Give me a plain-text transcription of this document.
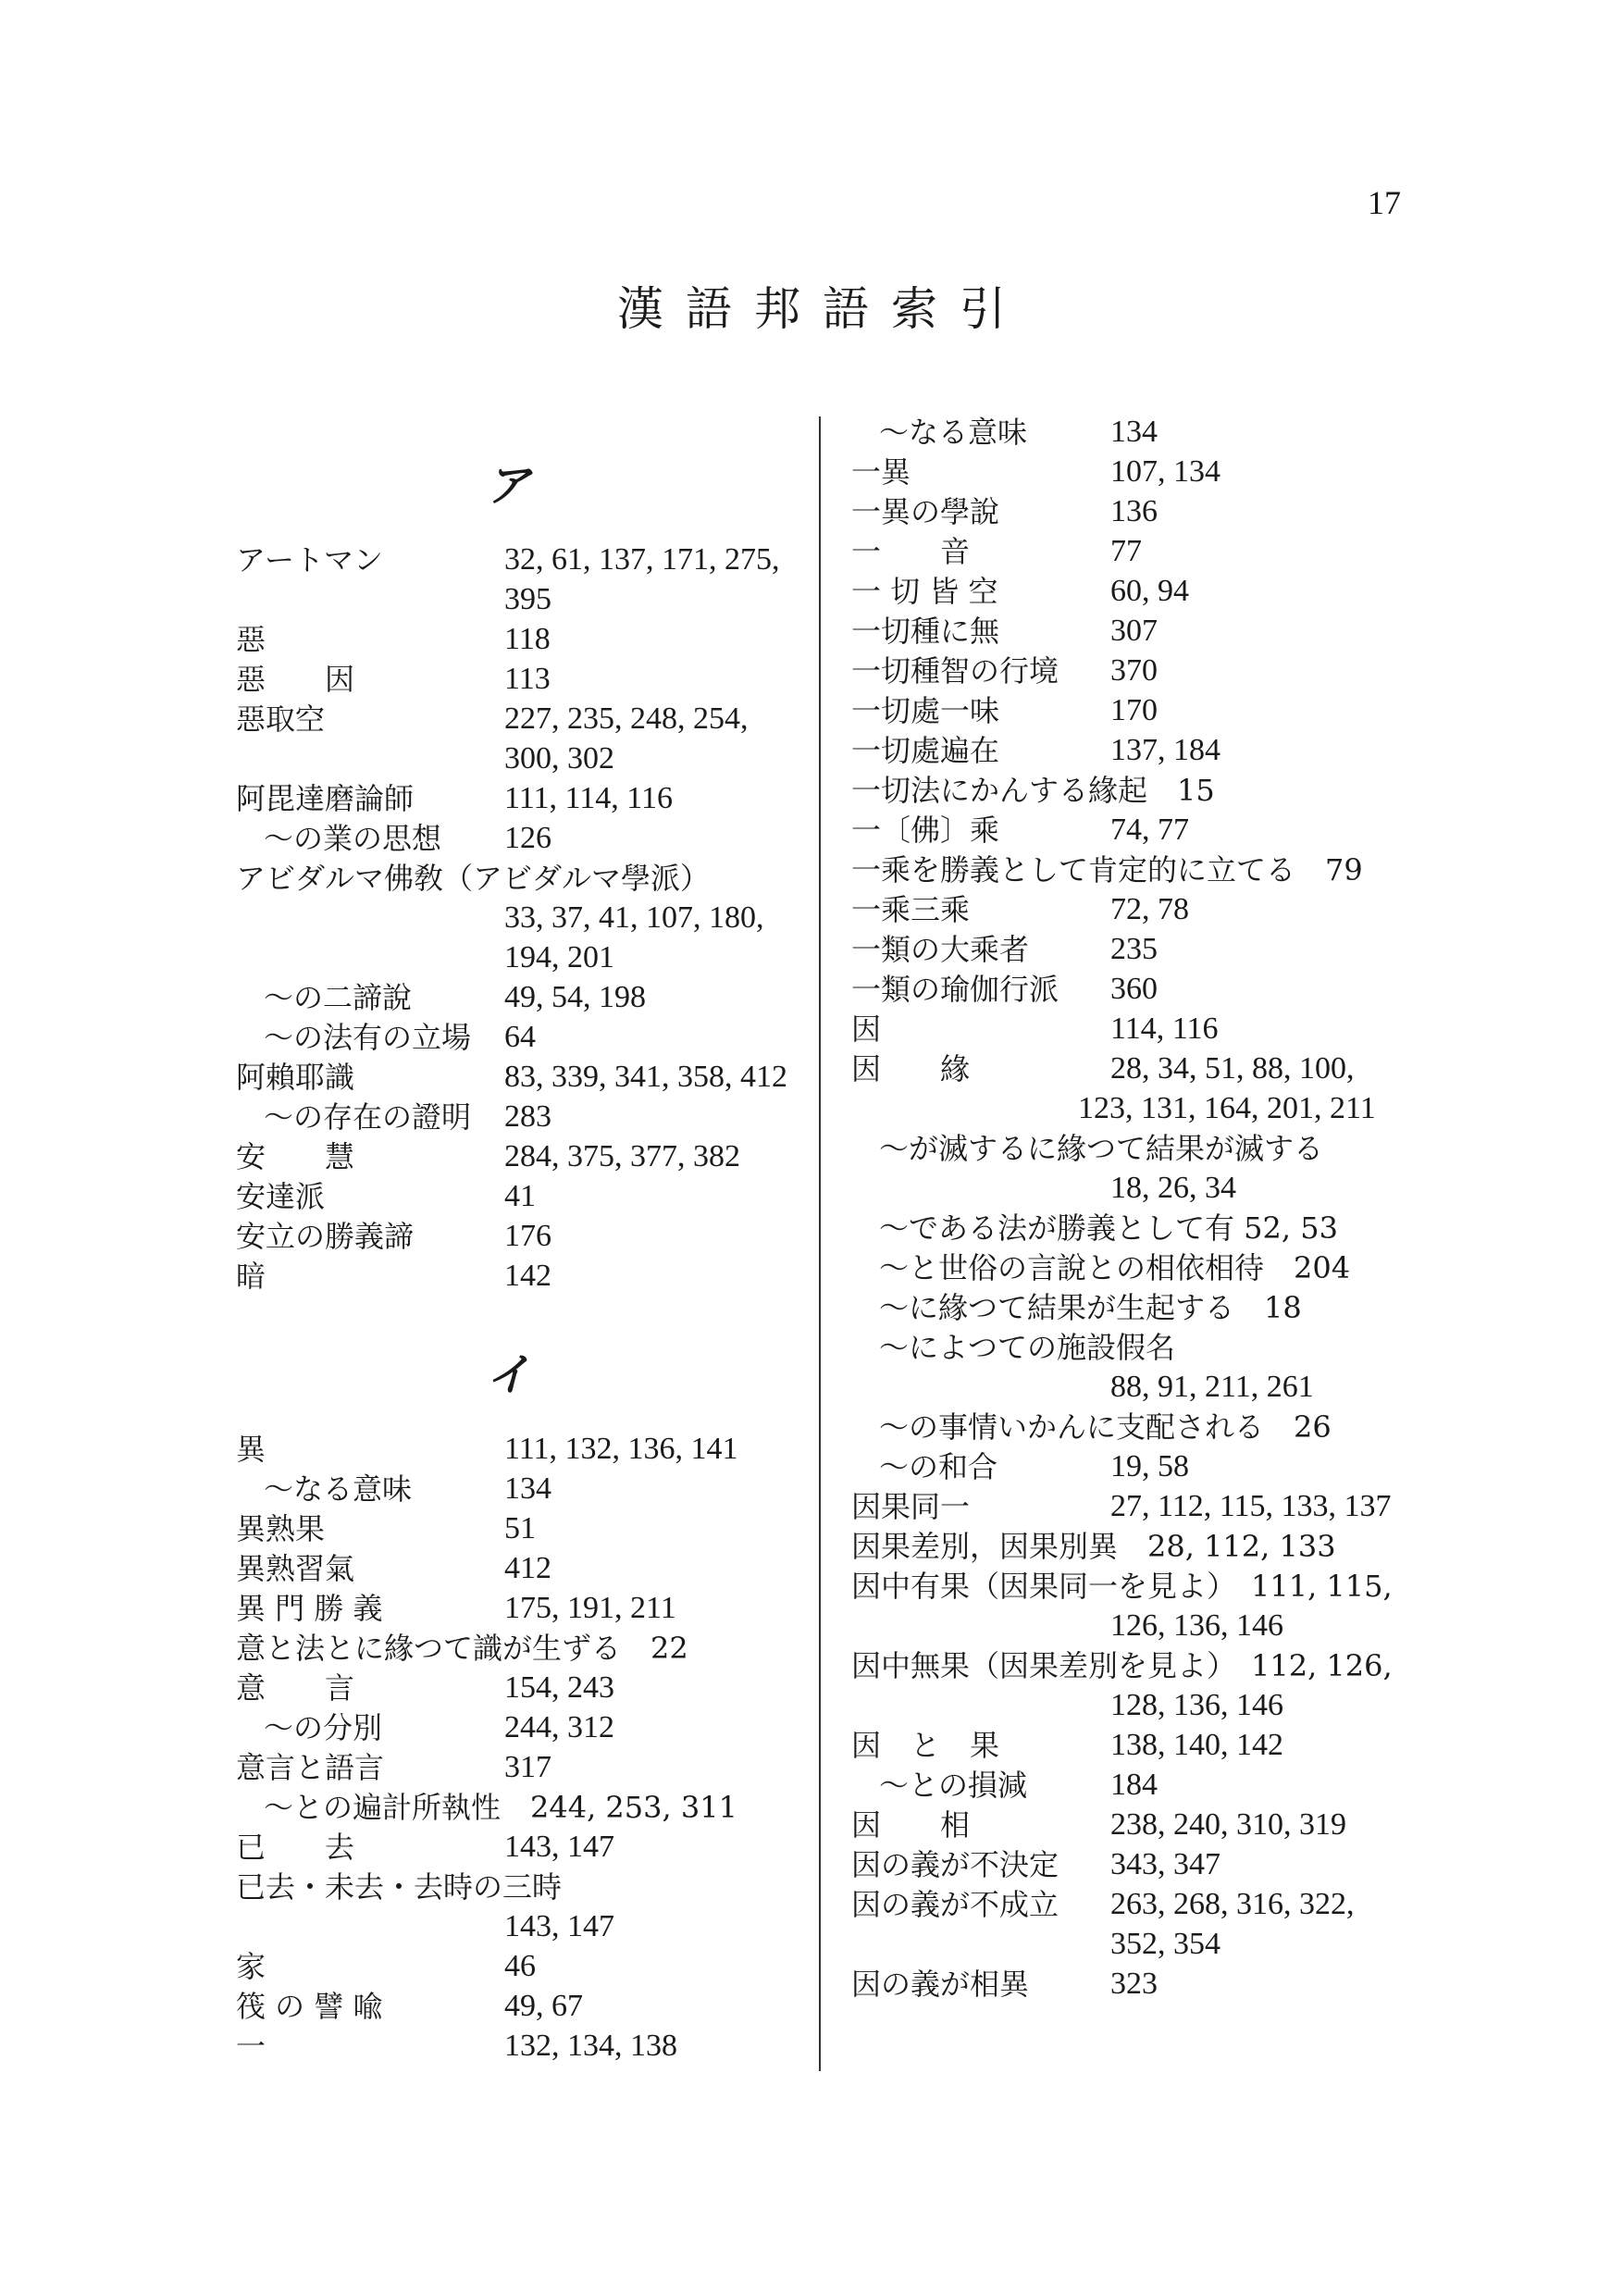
17
漢語邦語索引
ア
アートマン	32, 61, 137, 171, 275,
395
惡	118
惡　　因	113
惡取空	227, 235, 248, 254,
300, 302
阿毘達磨論師	111, 114, 116
～の業の思想 126
アビダルマ佛敎（アビダルマ學派）
33, 37, 41, 107, 180,
194, 201
～の二諦說	49, 54, 198
～の法有の立場 64
阿賴耶識	83, 339, 341, 358, 412
～の存在の證明 283
安　　慧	284, 375, 377, 382
安達派	41
安立の勝義諦	176
暗	142
イ
異	111, 132, 136, 141
～なる意味	134
異熟果	51
異熟習氣	412
異 門 勝 義	175, 191, 211
意と法とに緣つて識が生ずる　22
意　　言	154, 243
～の分別	244, 312
意言と語言	317
～との遍計所執性　244, 253, 311
已　　去	143, 147
已去・未去・去時の三時
143, 147
家	46
筏 の 譬 喩	49, 67
一	132, 134, 138
～なる意味	134
一異	107, 134
一異の學說	136
一　　音	77
一 切 皆 空	60, 94
一切種に無	307
一切種智の行境 370
一切處一味	170
一切處遍在	137, 184
一切法にかんする緣起　15
一〔佛〕乘	74, 77
一乘を勝義として肯定的に立てる　79
一乘三乘	72, 78
一類の大乘者	235
一類の瑜伽行派 360
因	114, 116
因　　緣	28, 34, 51, 88, 100,
123, 131, 164, 201, 211
～が滅するに緣つて結果が滅する
18, 26, 34
～である法が勝義として有 52, 53
～と世俗の言說との相依相待　204
～に緣つて結果が生起する　18
～によつての施設假名
88, 91, 211, 261
～の事情いかんに支配される　26
～の和合	19, 58
因果同一	27, 112, 115, 133, 137
因果差別，因果別異　28, 112, 133
因中有果（因果同一を見よ）　111, 115,
126, 136, 146
因中無果（因果差別を見よ）　112, 126,
128, 136, 146
因　と　果	138, 140, 142
～との損減	184
因　　相	238, 240, 310, 319
因の義が不決定 343, 347
因の義が不成立 263, 268, 316, 322,
352, 354
因の義が相異	323
